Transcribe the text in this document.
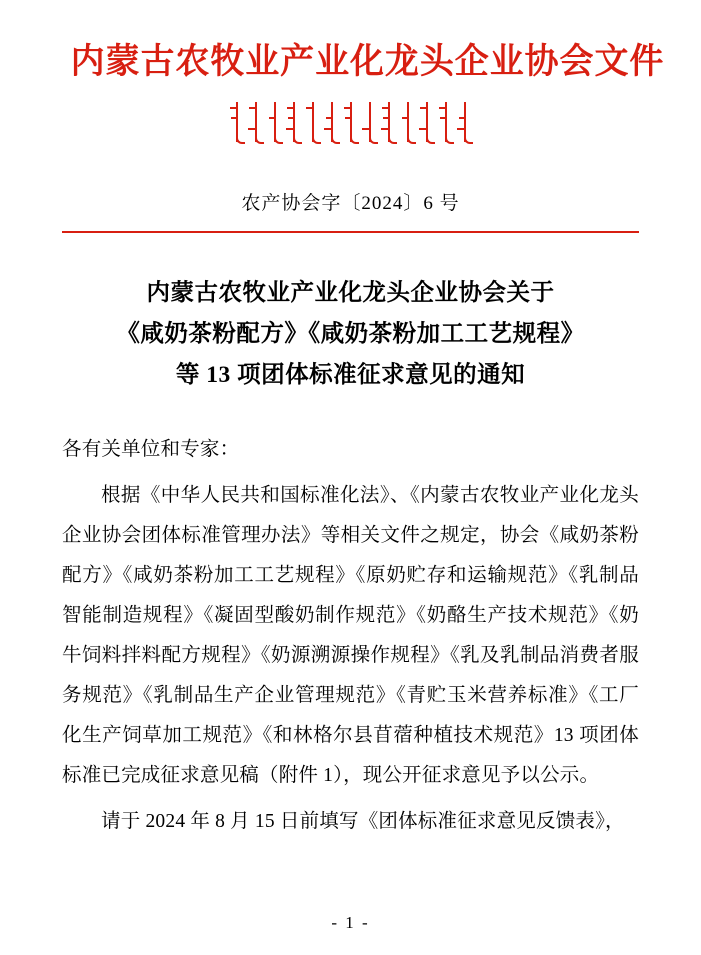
内蒙古农牧业产业化龙头企业协会文件
农产协会字〔2024〕6 号
内蒙古农牧业产业化龙头企业协会关于
《咸奶茶粉配方》《咸奶茶粉加工工艺规程》
等 13 项团体标准征求意见的通知

各有关单位和专家：

根据《中华人民共和国标准化法》、《内蒙古农牧业产业化龙头企业协会团体标准管理办法》等相关文件之规定，协会《咸奶茶粉配方》《咸奶茶粉加工工艺规程》《原奶贮存和运输规范》《乳制品智能制造规程》《凝固型酸奶制作规范》《奶酪生产技术规范》《奶牛饲料拌料配方规程》《奶源溯源操作规程》《乳及乳制品消费者服务规范》《乳制品生产企业管理规范》《青贮玉米营养标准》《工厂化生产饲草加工规范》《和林格尔县苜蓿种植技术规范》13 项团体标准已完成征求意见稿（附件 1），现公开征求意见予以公示。

请于 2024 年 8 月 15 日前填写《团体标准征求意见反馈表》，

- 1 -
